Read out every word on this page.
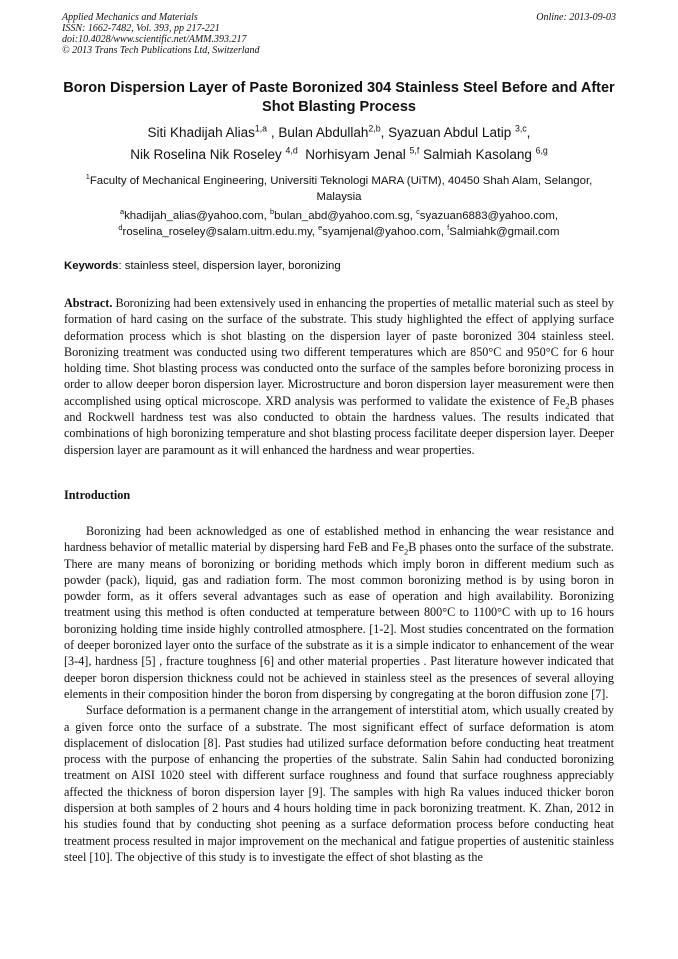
Applied Mechanics and Materials
ISSN: 1662-7482, Vol. 393, pp 217-221
doi:10.4028/www.scientific.net/AMM.393.217
© 2013 Trans Tech Publications Ltd, Switzerland
Online: 2013-09-03
Boron Dispersion Layer of Paste Boronized 304 Stainless Steel Before and After Shot Blasting Process
Siti Khadijah Alias$^{1,a}$ , Bulan Abdullah$^{2,b}$, Syazuan Abdul Latip $^{3,c}$,
Nik Roselina Nik Roseley $^{4,d}$ Norhisyam Jenal $^{5,f}$ Salmiah Kasolang $^{6,g}$
$^1$Faculty of Mechanical Engineering, Universiti Teknologi MARA (UiTM), 40450 Shah Alam, Selangor, Malaysia
$^a$khadijah_alias@yahoo.com, $^b$bulan_abd@yahoo.com.sg, $^c$syazuan6883@yahoo.com,
$^d$roselina_roseley@salam.uitm.edu.my, $^e$syamjenal@yahoo.com, $^f$Salmiahk@gmail.com
Keywords: stainless steel, dispersion layer, boronizing
Abstract. Boronizing had been extensively used in enhancing the properties of metallic material such as steel by formation of hard casing on the surface of the substrate. This study highlighted the effect of applying surface deformation process which is shot blasting on the dispersion layer of paste boronized 304 stainless steel. Boronizing treatment was conducted using two different temperatures which are 850°C and 950°C for 6 hour holding time. Shot blasting process was conducted onto the surface of the samples before boronizing process in order to allow deeper boron dispersion layer. Microstructure and boron dispersion layer measurement were then accomplished using optical microscope. XRD analysis was performed to validate the existence of $Fe_2B$ phases and Rockwell hardness test was also conducted to obtain the hardness values. The results indicated that combinations of high boronizing temperature and shot blasting process facilitate deeper dispersion layer. Deeper dispersion layer are paramount as it will enhanced the hardness and wear properties.
Introduction

Boronizing had been acknowledged as one of established method in enhancing the wear resistance and hardness behavior of metallic material by dispersing hard FeB and $Fe_2B$ phases onto the surface of the substrate. There are many means of boronizing or boriding methods which imply boron in different medium such as powder (pack), liquid, gas and radiation form. The most common boronizing method is by using boron in powder form, as it offers several advantages such as ease of operation and high availability. Boronizing treatment using this method is often conducted at temperature between 800°C to 1100°C with up to 16 hours boronizing holding time inside highly controlled atmosphere. [1-2]. Most studies concentrated on the formation of deeper boronized layer onto the surface of the substrate as it is a simple indicator to enhancement of the wear [3-4], hardness [5] , fracture toughness [6] and other material properties . Past literature however indicated that deeper boron dispersion thickness could not be achieved in stainless steel as the presences of several alloying elements in their composition hinder the boron from dispersing by congregating at the boron diffusion zone [7].

Surface deformation is a permanent change in the arrangement of interstitial atom, which usually created by a given force onto the surface of a substrate. The most significant effect of surface deformation is atom displacement of dislocation [8]. Past studies had utilized surface deformation before conducting heat treatment process with the purpose of enhancing the properties of the substrate. Salin Sahin had conducted boronizing treatment on AISI 1020 steel with different surface roughness and found that surface roughness appreciably affected the thickness of boron dispersion layer [9]. The samples with high Ra values induced thicker boron dispersion at both samples of 2 hours and 4 hours holding time in pack boronizing treatment. K. Zhan, 2012 in his studies found that by conducting shot peening as a surface deformation process before conducting heat treatment process resulted in major improvement on the mechanical and fatigue properties of austenitic stainless steel [10]. The objective of this study is to investigate the effect of shot blasting as the
